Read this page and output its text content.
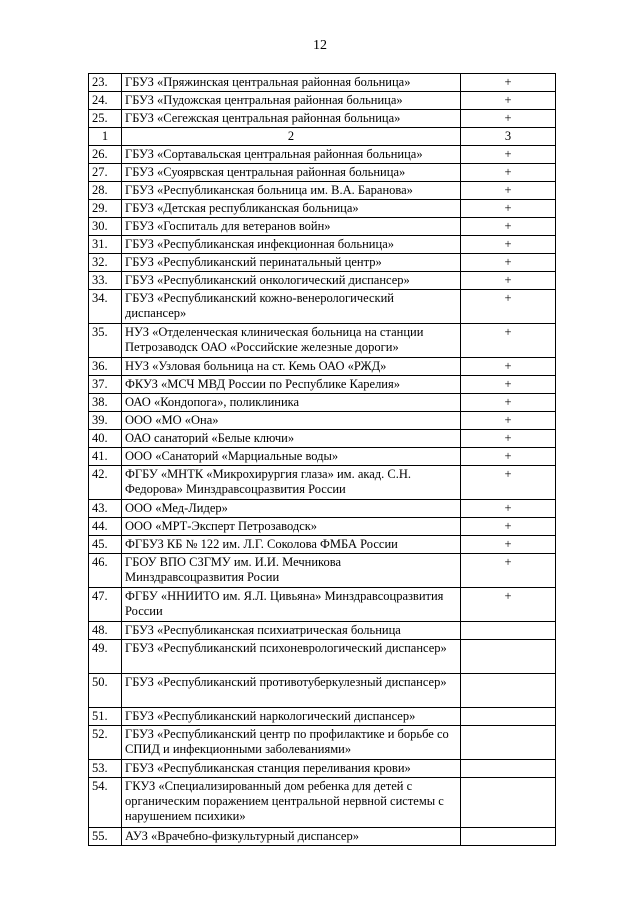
12
23.	ГБУЗ «Пряжинская центральная районная больница»	+
24.	ГБУЗ «Пудожская центральная районная больница»	+
25.	ГБУЗ «Сегежская центральная районная больница»	+
1	2	3
26.	ГБУЗ «Сортавальская центральная районная больница»	+
27.	ГБУЗ «Суоярвская центральная районная больница»	+
28.	ГБУЗ «Республиканская больница им. В.А. Баранова»	+
29.	ГБУЗ «Детская республиканская больница»	+
30.	ГБУЗ «Госпиталь для ветеранов войн»	+
31.	ГБУЗ «Республиканская инфекционная больница»	+
32.	ГБУЗ «Республиканский перинатальный центр»	+
33.	ГБУЗ «Республиканский онкологический диспансер»	+
34.	ГБУЗ «Республиканский кожно-венерологический диспансер»	+
35.	НУЗ «Отделенческая клиническая больница на станции Петрозаводск ОАО «Российские железные дороги»	+
36.	НУЗ «Узловая больница на ст. Кемь ОАО «РЖД»	+
37.	ФКУЗ «МСЧ МВД России по Республике Карелия»	+
38.	ОАО «Кондопога», поликлиника	+
39.	ООО «МО «Она»	+
40.	ОАО санаторий «Белые ключи»	+
41.	ООО «Санаторий «Марциальные воды»	+
42.	ФГБУ «МНТК «Микрохирургия глаза» им. акад. С.Н. Федорова» Минздравсоцразвития России	+
43.	ООО «Мед-Лидер»	+
44.	ООО «МРТ-Эксперт Петрозаводск»	+
45.	ФГБУЗ КБ № 122 им. Л.Г. Соколова ФМБА России	+
46.	ГБОУ ВПО СЗГМУ им. И.И. Мечникова Минздравсоцразвития Росии	+
47.	ФГБУ «ННИИТО им. Я.Л. Цивьяна» Минздравсоцразвития России	+
48.	ГБУЗ «Республиканская психиатрическая больница	
49.	ГБУЗ «Республиканский психоневрологический диспансер»	
50.	ГБУЗ «Республиканский противотуберкулезный диспансер»	
51.	ГБУЗ «Республиканский наркологический диспансер»	
52.	ГБУЗ «Республиканский центр по профилактике и борьбе со СПИД и инфекционными заболеваниями»	
53.	ГБУЗ «Республиканская станция переливания крови»	
54.	ГКУЗ «Специализированный дом ребенка для детей с органическим поражением центральной нервной системы с нарушением психики»	
55.	АУЗ «Врачебно-физкультурный диспансер»	
